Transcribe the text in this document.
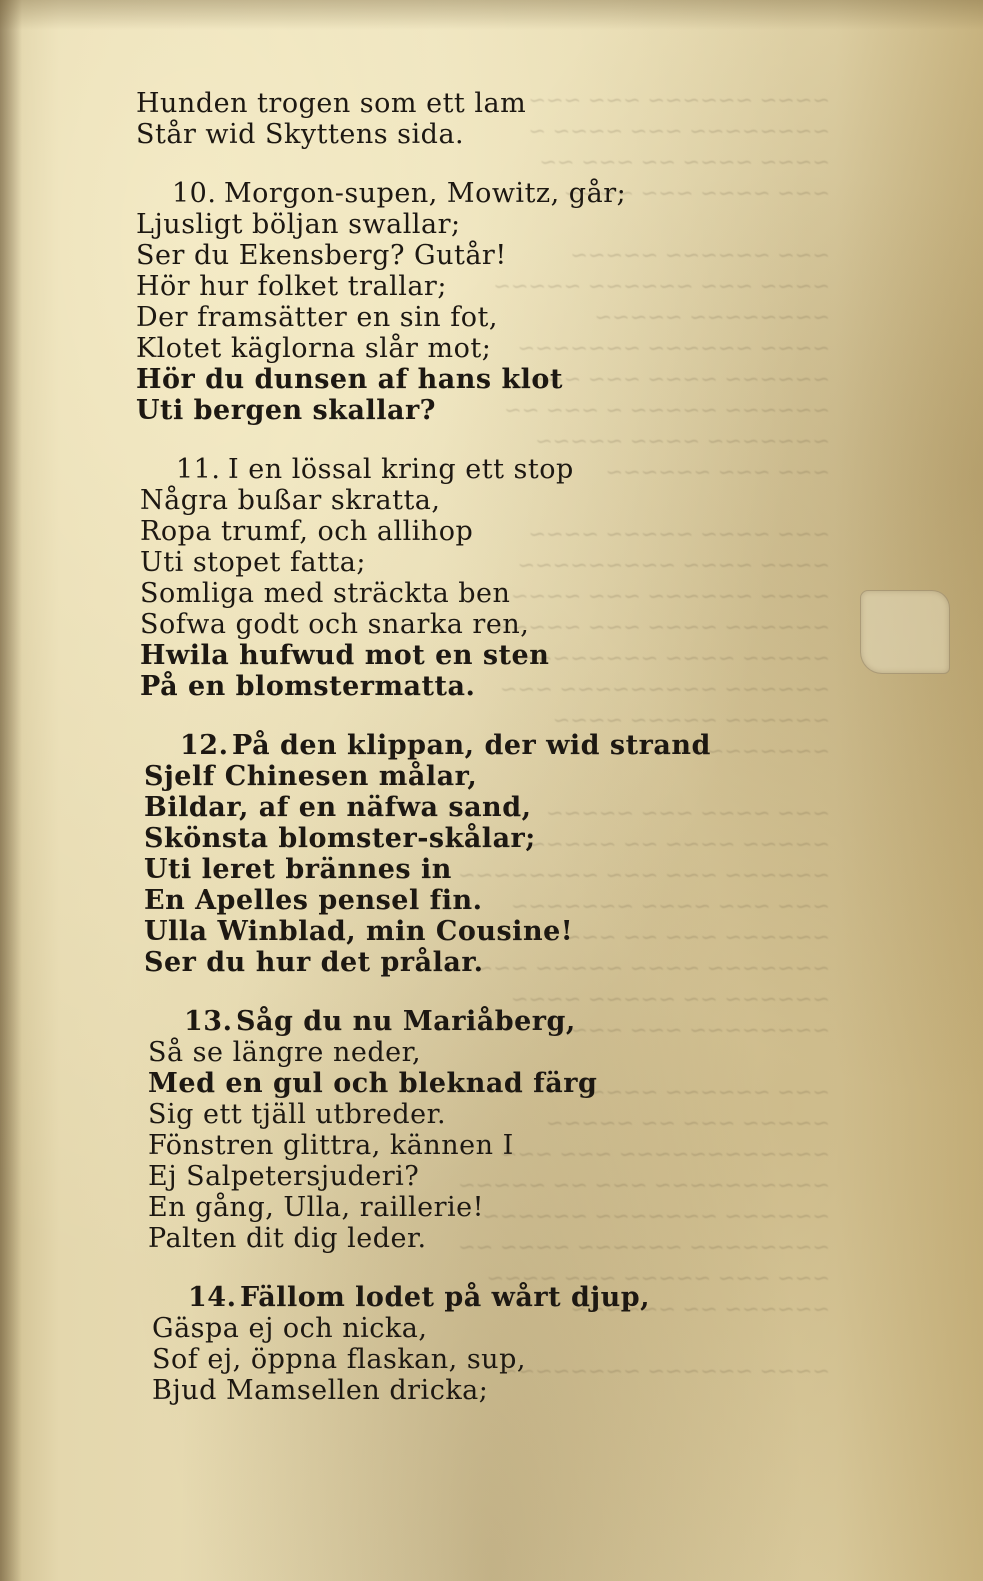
~~~~ ~~~~~~ ~~~ ~~~
~~~~~~~~ ~~~ ~~~~ ~
~~~~ ~~~~ ~~ ~~~ ~~
~~~ ~~~~ ~~~ ~~~~

~~~ ~~~~~~ ~~~~~
~~~~ ~~~ ~~~~~~ ~~~~~
~~~~~~~~ ~~~~~
~~~~ ~~~~~~ ~~~~~~~
~~~~~~ ~~~~ ~~~ ~~~
~~~~~~ ~~~~~ ~ ~~~ ~~
~~~~~~~ ~~~~ ~~~~~
~~~ ~~~ ~~~~~~

~~~ ~~~~ ~~~~~ ~~~~
~~~~ ~~~~ ~~~~~~~~~
~~~~ ~~~~~~ ~~~ ~~~~
~~~~~~ ~~~~ ~~~ ~~~~~
~~~~~ ~~~~ ~~~~~~~~
~~~~~~ ~~~~~~~~~ ~~~
~~~~~~ ~~~~~ ~~~~
~~~~~~~~~~

~~~ ~~~~ ~~~ ~~~~~
~~~~~ ~~~~ ~~ ~~~~~
~~~~~~ ~~~ ~~~ ~~~~~~~~
~~~ ~~~ ~~~~ ~~~~~~~
~~~~~~ ~~~ ~~ ~~~
~~~~~~~ ~~~~ ~~~~~ ~~~
~~~~~~ ~~ ~~~~~ ~~~~
~~~~~~~~ ~~~ ~~~

~~~ ~~~~~~ ~~~~
~~~~~ ~~~ ~~ ~~~~~
~~~~~~~~~~~~ ~~~ ~~~
~~~~~~~~~~ ~~~ ~~ ~~~~~
~~~~~~ ~~~~~~~ ~~~~~~
~~~~~~~~ ~~~~~~ ~~~~ ~~
~~~ ~~~ ~~~~~ ~~~ ~~~~
~~~~~~ ~~ ~~~~~~

~~~~ ~~~~~~ ~~~~~~~~
Hunden trogen som ett lam
Står wid Skyttens sida.
10. Morgon-supen, Mowitz, går;
Ljusligt böljan swallar;
Ser du Ekensberg? Gutår!
Hör hur folket trallar;
Der framsätter en sin fot,
Klotet käglorna slår mot;
Hör du dunsen af hans klot
Uti bergen skallar?
11. I en lössal kring ett stop
Några bußar skratta,
Ropa trumf, och allihop
Uti stopet fatta;
Somliga med sträckta ben
Sofwa godt och snarka ren,
Hwila hufwud mot en sten
På en blomstermatta.
12. På den klippan, der wid strand
Sjelf Chinesen målar,
Bildar, af en näfwa sand,
Skönsta blomster-skålar;
Uti leret brännes in
En Apelles pensel fin.
Ulla Winblad, min Cousine!
Ser du hur det prålar.
13. Såg du nu Mariåberg,
Så se längre neder,
Med en gul och bleknad färg
Sig ett tjäll utbreder.
Fönstren glittra, kännen I
Ej Salpetersjuderi?
En gång, Ulla, raillerie!
Palten dit dig leder.
14. Fällom lodet på wårt djup,
Gäspa ej och nicka,
Sof ej, öppna flaskan, sup,
Bjud Mamsellen dricka;
